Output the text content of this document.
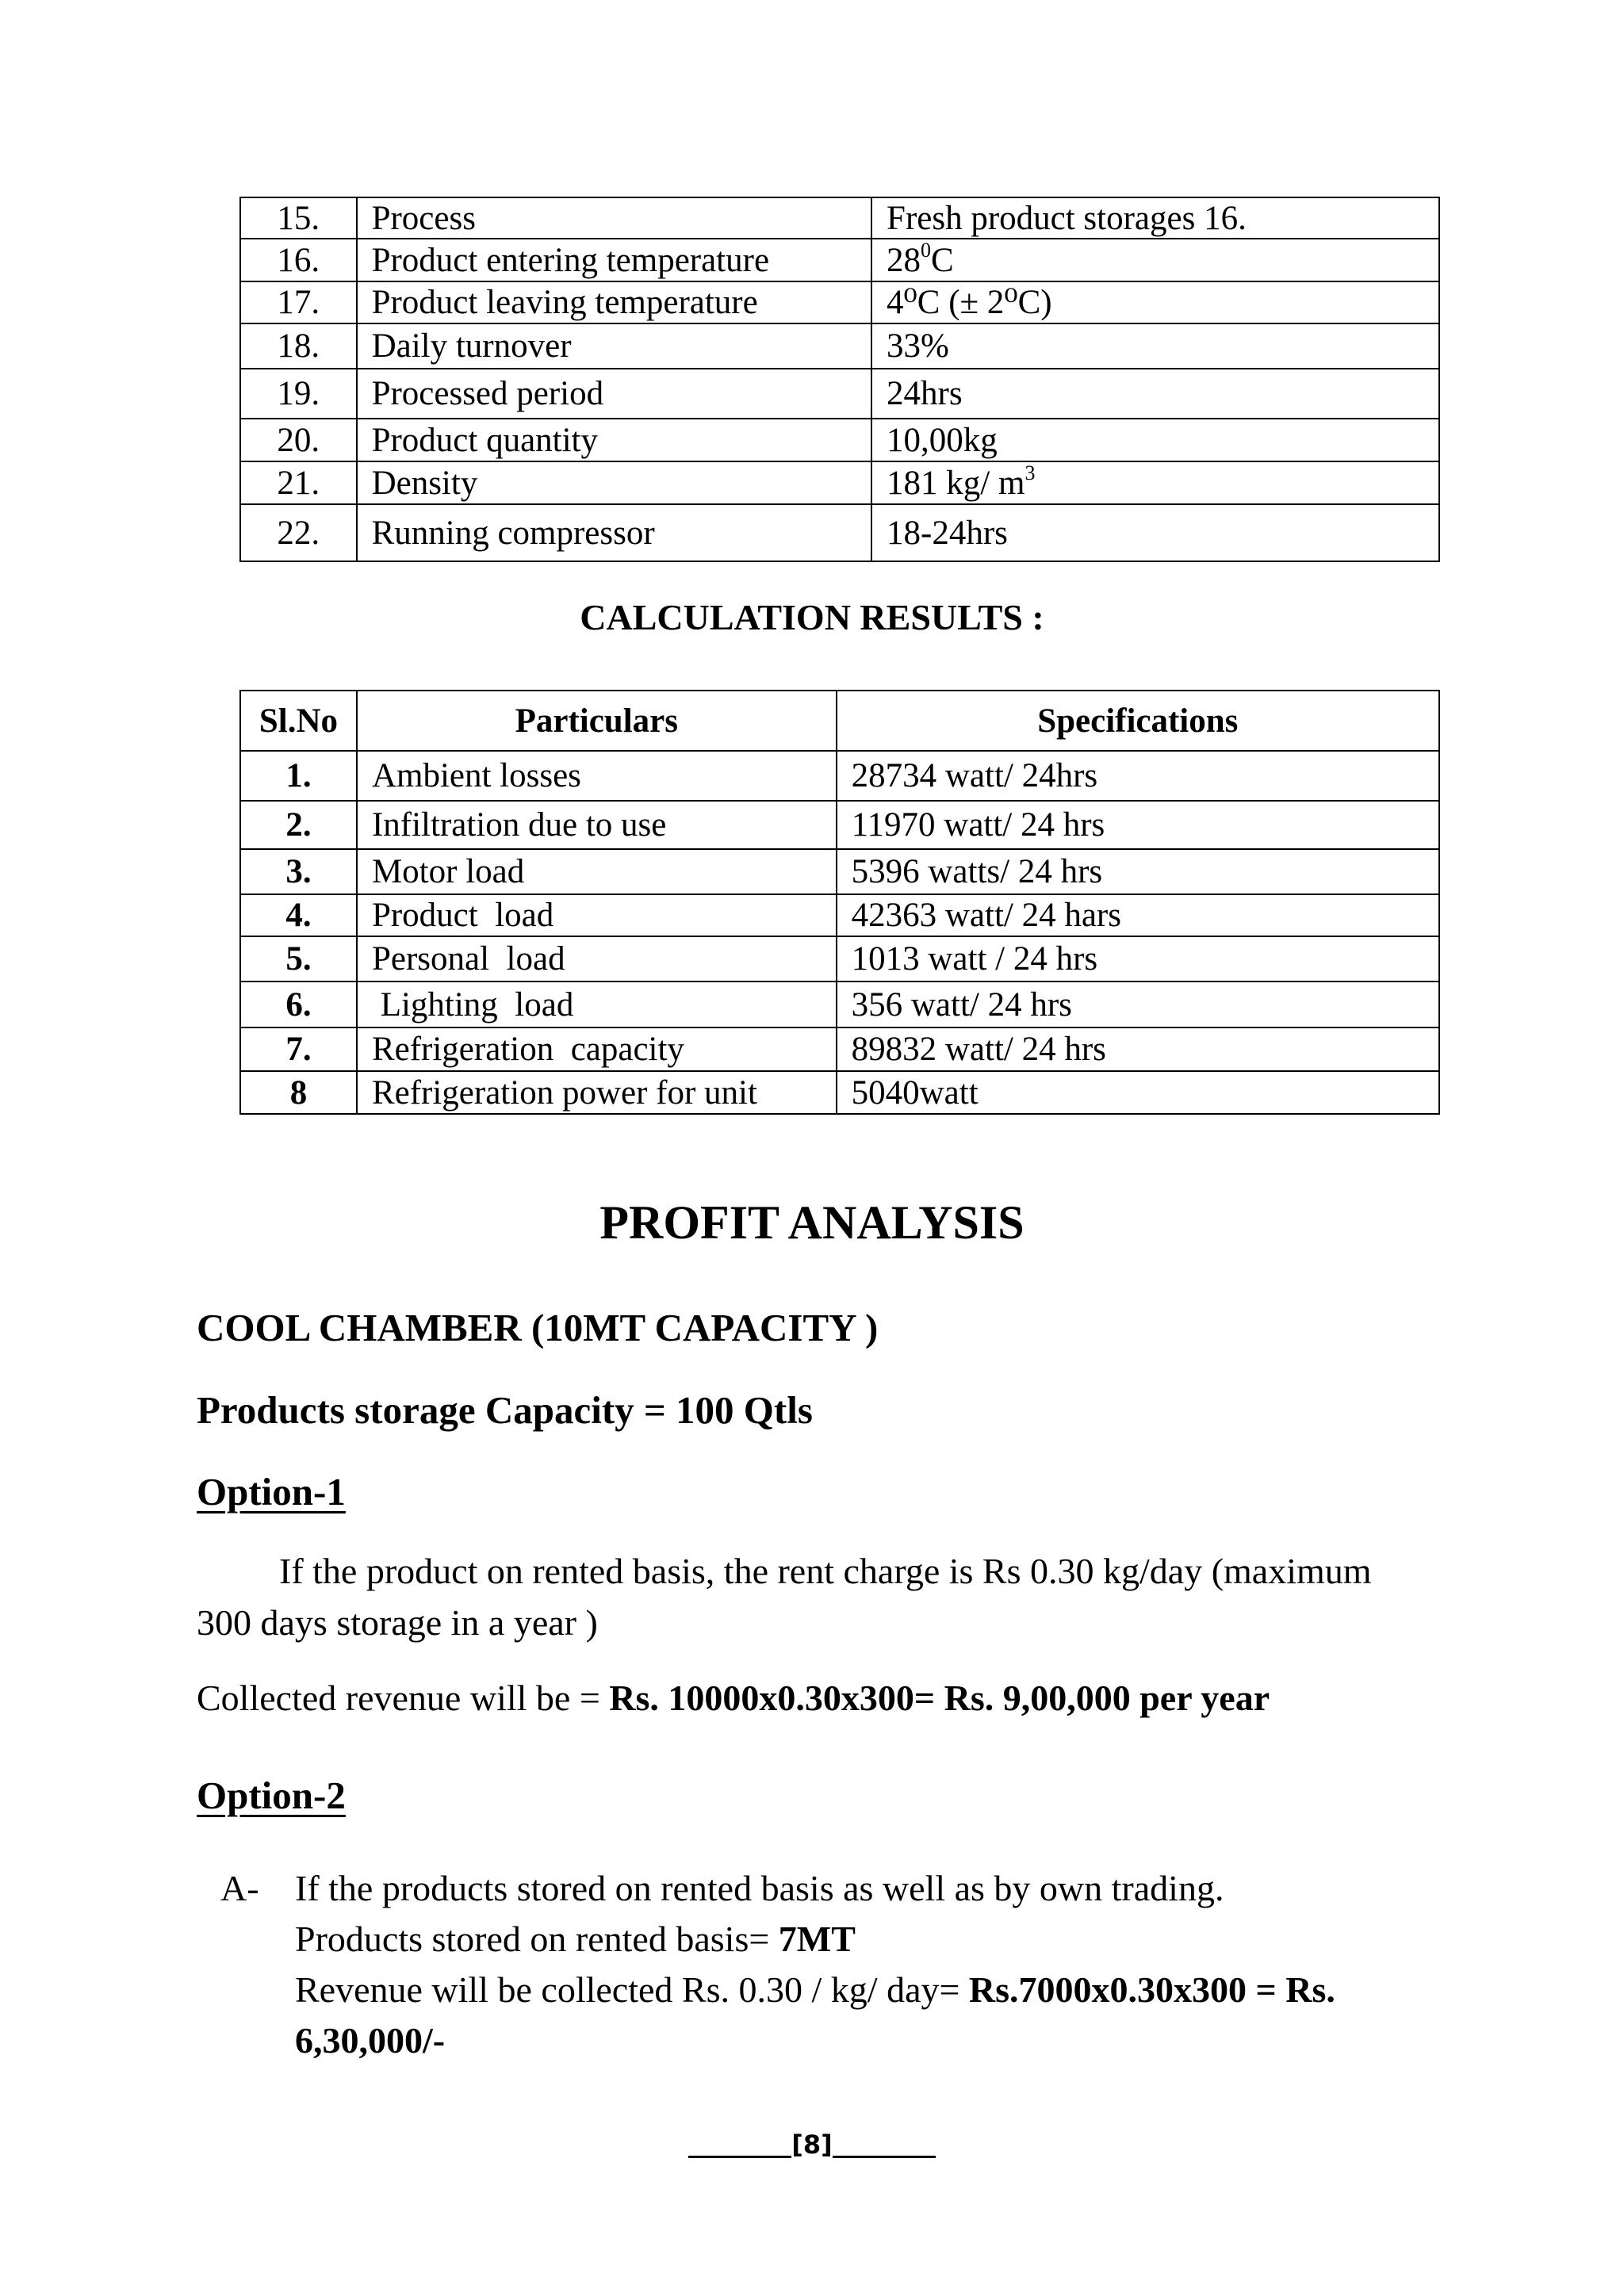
15.	Process	Fresh product storages 16.
16.	Product entering temperature	$28^0C$
17.	Product leaving temperature	4⁰C (± 2⁰C)
18.	Daily turnover	33%
19.	Processed period	24hrs
20.	Product quantity	10,00kg
21.	Density	181 kg/ $m^3$
22.	Running compressor	18-24hrs
CALCULATION RESULTS :
Sl.No	Particulars	Specifications
1.	Ambient losses	28734 watt/ 24hrs
2.	Infiltration due to use	11970 watt/ 24 hrs
3.	Motor load	5396 watts/ 24 hrs
4.	Product  load	42363 watt/ 24 hars
5.	Personal  load	1013 watt / 24 hrs
6.	Lighting  load	356 watt/ 24 hrs
7.	Refrigeration  capacity	89832 watt/ 24 hrs
8	Refrigeration power for unit	5040watt
PROFIT ANALYSIS
COOL CHAMBER (10MT CAPACITY )
Products storage Capacity = 100 Qtls
Option-1
If the product on rented basis, the rent charge is Rs 0.30 kg/day (maximum
300 days storage in a year )
Collected revenue will be = Rs. 10000x0.30x300= Rs. 9,00,000 per year
Option-2
A- If the products stored on rented basis as well as by own trading.
Products stored on rented basis= 7MT
Revenue will be collected Rs. 0.30 / kg/ day= Rs.7000x0.30x300 = Rs.
6,30,000/-
[8]
